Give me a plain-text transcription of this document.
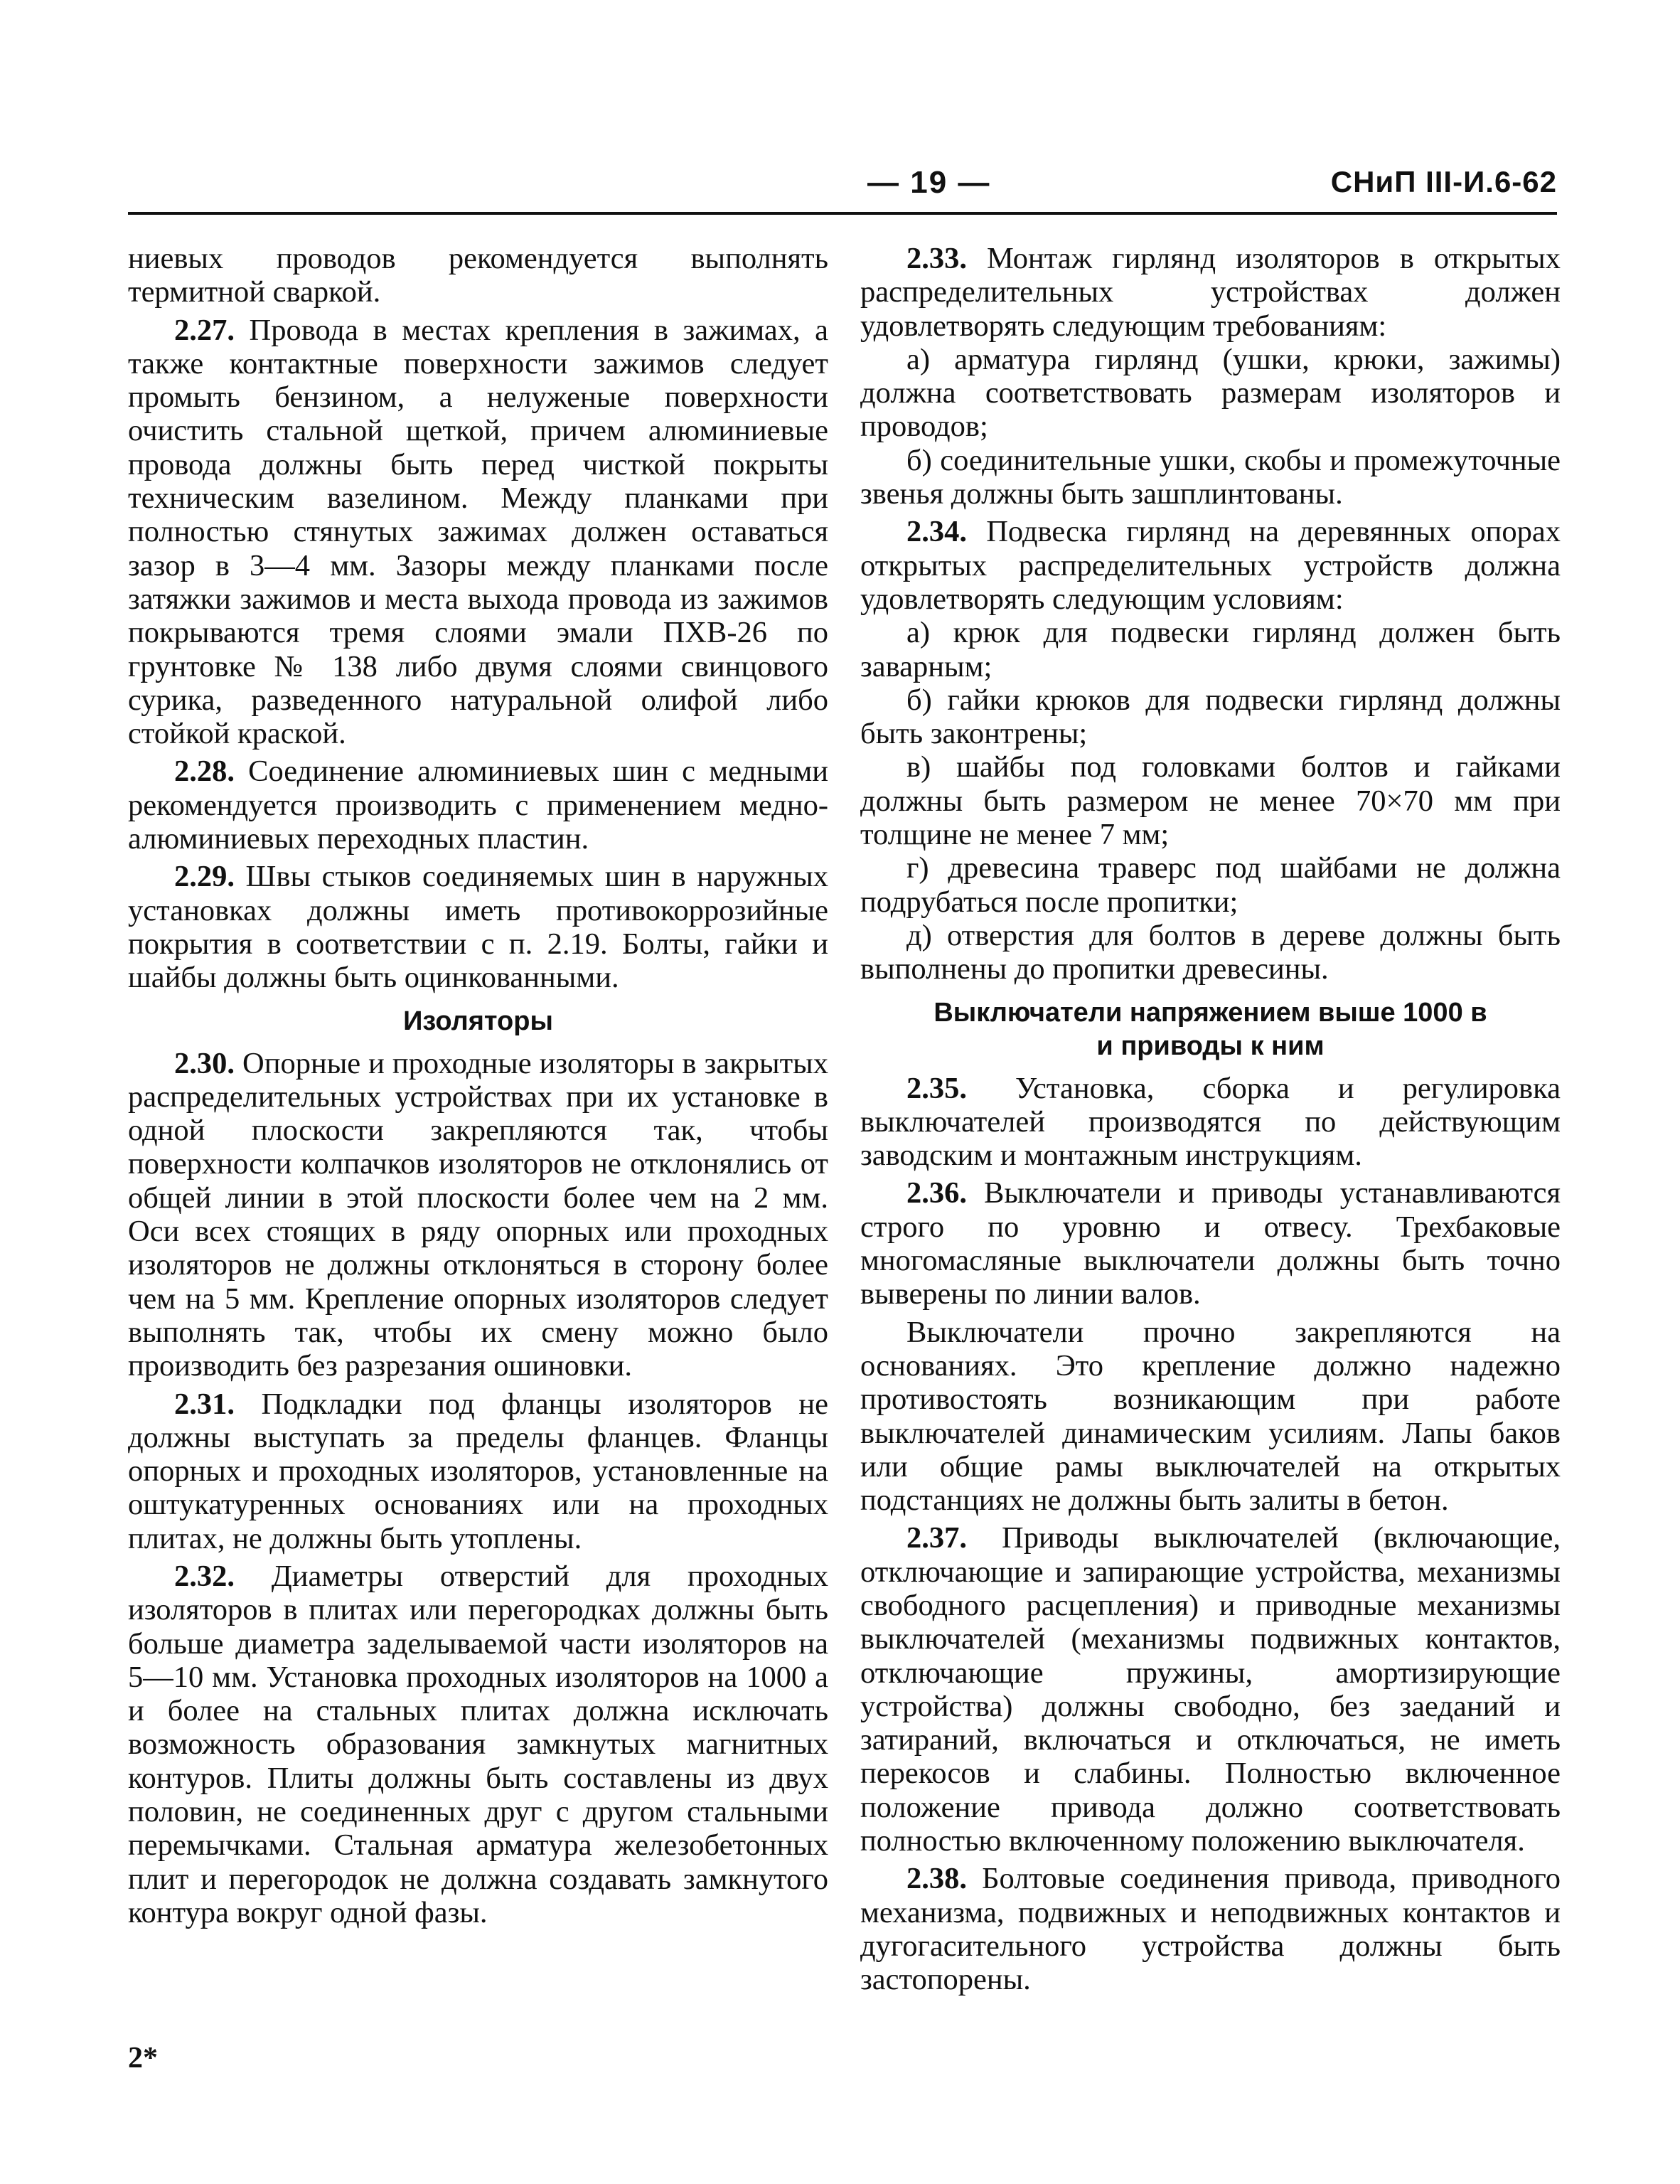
— 19 —	СНиП III-И.6-62

ниевых проводов рекомендуется выполнять термитной сваркой.

2.27. Провода в местах крепления в зажимах, а также контактные поверхности зажимов следует промыть бензином, а нелуженые поверхности очистить стальной щеткой, причем алюминиевые провода должны быть перед чисткой покрыты техническим вазелином. Между планками при полностью стянутых зажимах должен оставаться зазор в 3—4 мм. Зазоры между планками после затяжки зажимов и места выхода провода из зажимов покрываются тремя слоями эмали ПХВ-26 по грунтовке № 138 либо двумя слоями свинцового сурика, разведенного натуральной олифой либо стойкой краской.

2.28. Соединение алюминиевых шин с медными рекомендуется производить с применением медно-алюминиевых переходных пластин.

2.29. Швы стыков соединяемых шин в наружных установках должны иметь противокоррозийные покрытия в соответствии с п. 2.19. Болты, гайки и шайбы должны быть оцинкованными.

Изоляторы

2.30. Опорные и проходные изоляторы в закрытых распределительных устройствах при их установке в одной плоскости закрепляются так, чтобы поверхности колпачков изоляторов не отклонялись от общей линии в этой плоскости более чем на 2 мм. Оси всех стоящих в ряду опорных или проходных изоляторов не должны отклоняться в сторону более чем на 5 мм. Крепление опорных изоляторов следует выполнять так, чтобы их смену можно было производить без разрезания ошиновки.

2.31. Подкладки под фланцы изоляторов не должны выступать за пределы фланцев. Фланцы опорных и проходных изоляторов, установленные на оштукатуренных основаниях или на проходных плитах, не должны быть утоплены.

2.32. Диаметры отверстий для проходных изоляторов в плитах или перегородках должны быть больше диаметра заделываемой части изоляторов на 5—10 мм. Установка проходных изоляторов на 1000 а и более на стальных плитах должна исключать возможность образования замкнутых магнитных контуров. Плиты должны быть составлены из двух половин, не соединенных друг с другом стальными перемычками. Стальная арматура железобетонных плит и перегородок не должна создавать замкнутого контура вокруг одной фазы.

2.33. Монтаж гирлянд изоляторов в открытых распределительных устройствах должен удовлетворять следующим требованиям:

а) арматура гирлянд (ушки, крюки, зажимы) должна соответствовать размерам изоляторов и проводов;

б) соединительные ушки, скобы и промежуточные звенья должны быть зашплинтованы.

2.34. Подвеска гирлянд на деревянных опорах открытых распределительных устройств должна удовлетворять следующим условиям:

а) крюк для подвески гирлянд должен быть заварным;

б) гайки крюков для подвески гирлянд должны быть законтрены;

в) шайбы под головками болтов и гайками должны быть размером не менее 70×70 мм при толщине не менее 7 мм;

г) древесина траверс под шайбами не должна подрубаться после пропитки;

д) отверстия для болтов в дереве должны быть выполнены до пропитки древесины.

Выключатели напряжением выше 1000 в
и приводы к ним

2.35. Установка, сборка и регулировка выключателей производятся по действующим заводским и монтажным инструкциям.

2.36. Выключатели и приводы устанавливаются строго по уровню и отвесу. Трехбаковые многомасляные выключатели должны быть точно выверены по линии валов.

Выключатели прочно закрепляются на основаниях. Это крепление должно надежно противостоять возникающим при работе выключателей динамическим усилиям. Лапы баков или общие рамы выключателей на открытых подстанциях не должны быть залиты в бетон.

2.37. Приводы выключателей (включающие, отключающие и запирающие устройства, механизмы свободного расцепления) и приводные механизмы выключателей (механизмы подвижных контактов, отключающие пружины, амортизирующие устройства) должны свободно, без заеданий и затираний, включаться и отключаться, не иметь перекосов и слабины. Полностью включенное положение привода должно соответствовать полностью включенному положению выключателя.

2.38. Болтовые соединения привода, приводного механизма, подвижных и неподвижных контактов и дугогасительного устройства должны быть застопорены.

2*
